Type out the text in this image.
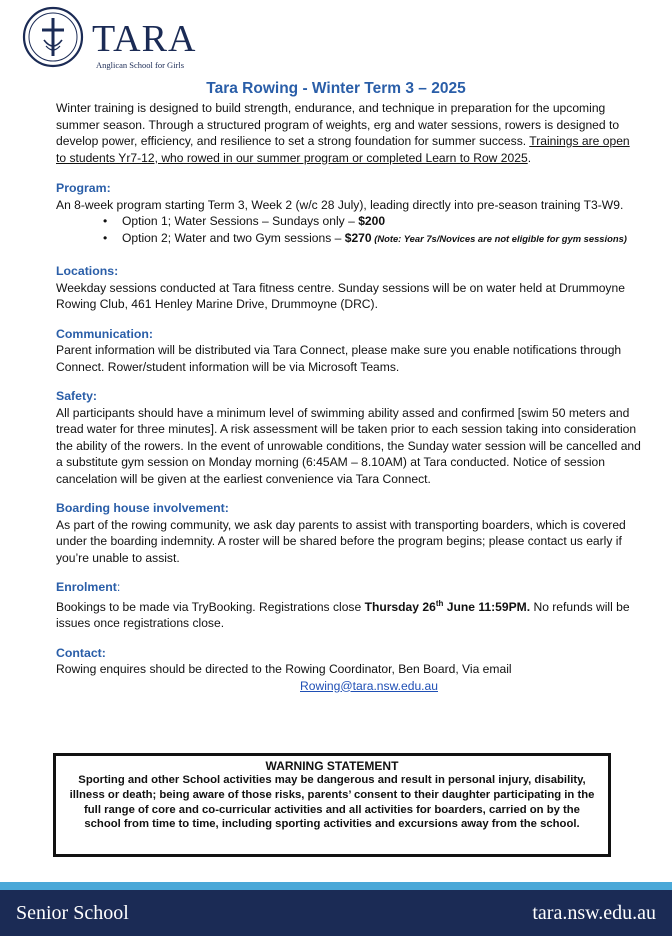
TARA
Anglican School for Girls
Tara Rowing - Winter Term 3 – 2025

Winter training is designed to build strength, endurance, and technique in preparation for the upcoming summer season. Through a structured program of weights, erg and water sessions, rowers is designed to develop power, efficiency, and resilience to set a strong foundation for summer success. Trainings are open to students Yr7-12, who rowed in our summer program or completed Learn to Row 2025.

Program:

An 8-week program starting Term 3, Week 2 (w/c 28 July), leading directly into pre-season training T3-W9.

• Option 1; Water Sessions – Sundays only – $200
• Option 2; Water and two Gym sessions – $270 (Note: Year 7s/Novices are not eligible for gym sessions)

Locations:

Weekday sessions conducted at Tara fitness centre. Sunday sessions will be on water held at Drummoyne Rowing Club, 461 Henley Marine Drive, Drummoyne (DRC).

Communication:

Parent information will be distributed via Tara Connect, please make sure you enable notifications through Connect. Rower/student information will be via Microsoft Teams.

Safety:

All participants should have a minimum level of swimming ability assed and confirmed [swim 50 meters and tread water for three minutes]. A risk assessment will be taken prior to each session taking into consideration the ability of the rowers. In the event of unrowable conditions, the Sunday water session will be cancelled and a substitute gym session on Monday morning (6:45AM – 8.10AM) at Tara conducted. Notice of session cancelation will be given at the earliest convenience via Tara Connect.

Boarding house involvement:

As part of the rowing community, we ask day parents to assist with transporting boarders, which is covered under the boarding indemnity. A roster will be shared before the program begins; please contact us early if you’re unable to assist.

Enrolment:

Bookings to be made via TryBooking. Registrations close Thursday 26th June 11:59PM. No refunds will be issues once registrations close.

Contact:

Rowing enquires should be directed to the Rowing Coordinator, Ben Board, Via email

Rowing@tara.nsw.edu.au

WARNING STATEMENT
Sporting and other School activities may be dangerous and result in personal injury, disability, illness or death; being aware of those risks, parents’ consent to their daughter participating in the full range of core and co-curricular activities and all activities for boarders, carried on by the school from time to time, including sporting activities and excursions away from the school.
Senior School	tara.nsw.edu.au
